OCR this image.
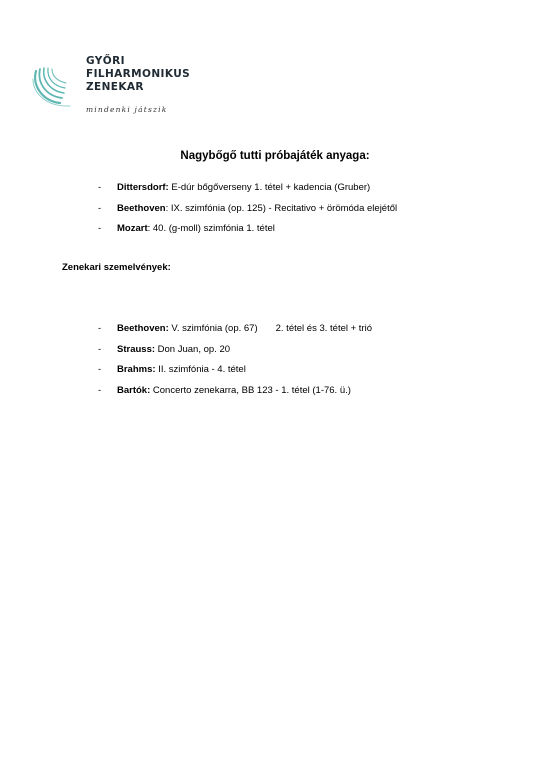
GYŐRI
FILHARMONIKUS
ZENEKAR
mindenki játszik
Nagybőgő tutti próbajáték anyaga:
- Dittersdorf: E-dúr bőgőverseny 1. tétel + kadencia (Gruber)
- Beethoven: IX. szimfónia (op. 125) - Recitativo + örömóda elejétől
- Mozart: 40. (g-moll) szimfónia 1. tétel
Zenekari szemelvények:
- Beethoven: V. szimfónia (op. 67) 2. tétel és 3. tétel + trió
- Strauss: Don Juan, op. 20
- Brahms: II. szimfónia - 4. tétel
- Bartók: Concerto zenekarra, BB 123 - 1. tétel (1-76. ü.)
